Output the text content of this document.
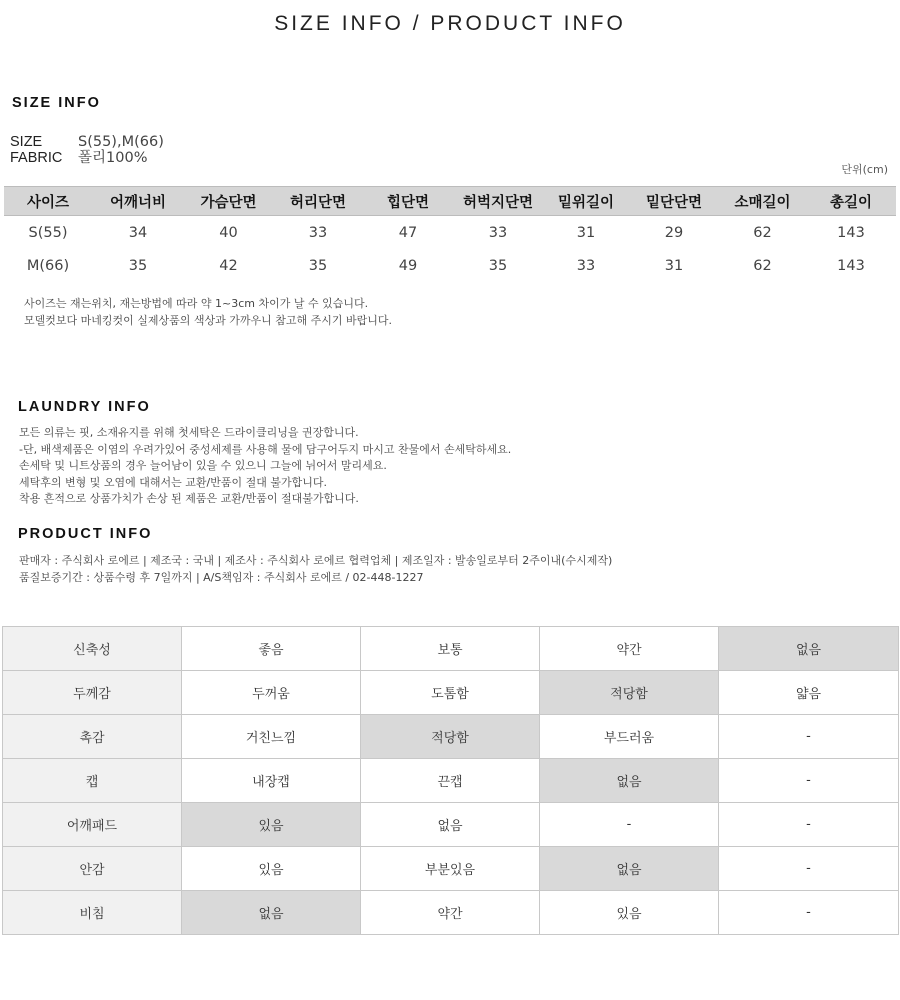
SIZE INFO / PRODUCT INFO
SIZE INFO
SIZE S(55),M(66)
FABRIC 폴리100%
단위(cm)
사이즈	어깨너비	가슴단면	허리단면	힙단면	허벅지단면	밑위길이	밑단단면	소매길이	총길이
S(55)	34	40	33	47	33	31	29	62	143
M(66)	35	42	35	49	35	33	31	62	143
사이즈는 재는위치, 재는방법에 따라 약 1~3cm 차이가 날 수 있습니다.
모델컷보다 마네킹컷이 실제상품의 색상과 가까우니 참고해 주시기 바랍니다.
LAUNDRY INFO
모든 의류는 핏, 소재유지를 위해 첫세탁은 드라이클리닝을 권장합니다.
-단, 배색제품은 이염의 우려가있어 중성세제를 사용해 물에 담구어두지 마시고 찬물에서 손세탁하세요.
손세탁 및 니트상품의 경우 늘어남이 있을 수 있으니 그늘에 뉘어서 말리세요.
세탁후의 변형 및 오염에 대해서는 교환/반품이 절대 불가합니다.
착용 흔적으로 상품가치가 손상 된 제품은 교환/반품이 절대불가합니다.
PRODUCT INFO
판매자 : 주식회사 로에르 | 제조국 : 국내 | 제조사 : 주식회사 로에르 협력업체 | 제조일자 : 발송일로부터 2주이내(수시제작)
품질보증기간 : 상품수령 후 7일까지 | A/S책임자 : 주식회사 로에르 / 02-448-1227
신축성	좋음	보통	약간	없음
두께감	두꺼움	도톰함	적당함	얇음
촉감	거친느낌	적당함	부드러움	-
캡	내장캡	끈캡	없음	-
어깨패드	있음	없음	-	-
안감	있음	부분있음	없음	-
비침	없음	약간	있음	-
